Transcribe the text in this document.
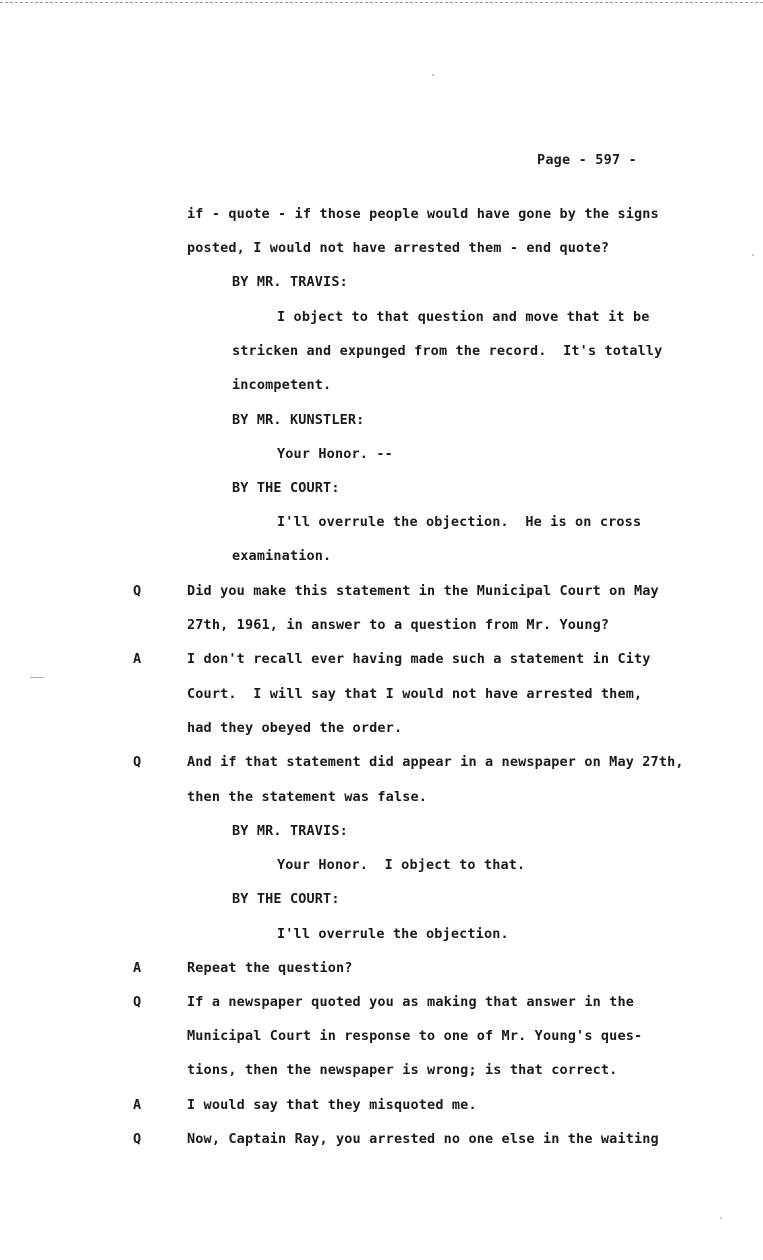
Page - 597 -
if - quote - if those people would have gone by the signs
posted, I would not have arrested them - end quote?
BY MR. TRAVIS:
I object to that question and move that it be
stricken and expunged from the record.  It's totally
incompetent.
BY MR. KUNSTLER:
Your Honor. --
BY THE COURT:
I'll overrule the objection.  He is on cross
examination.
Q	Did you make this statement in the Municipal Court on May
27th, 1961, in answer to a question from Mr. Young?
A	I don't recall ever having made such a statement in City
Court.  I will say that I would not have arrested them,
had they obeyed the order.
Q	And if that statement did appear in a newspaper on May 27th,
then the statement was false.
BY MR. TRAVIS:
Your Honor.  I object to that.
BY THE COURT:
I'll overrule the objection.
A	Repeat the question?
Q	If a newspaper quoted you as making that answer in the
Municipal Court in response to one of Mr. Young's ques-
tions, then the newspaper is wrong; is that correct.
A	I would say that they misquoted me.
Q	Now, Captain Ray, you arrested no one else in the waiting
